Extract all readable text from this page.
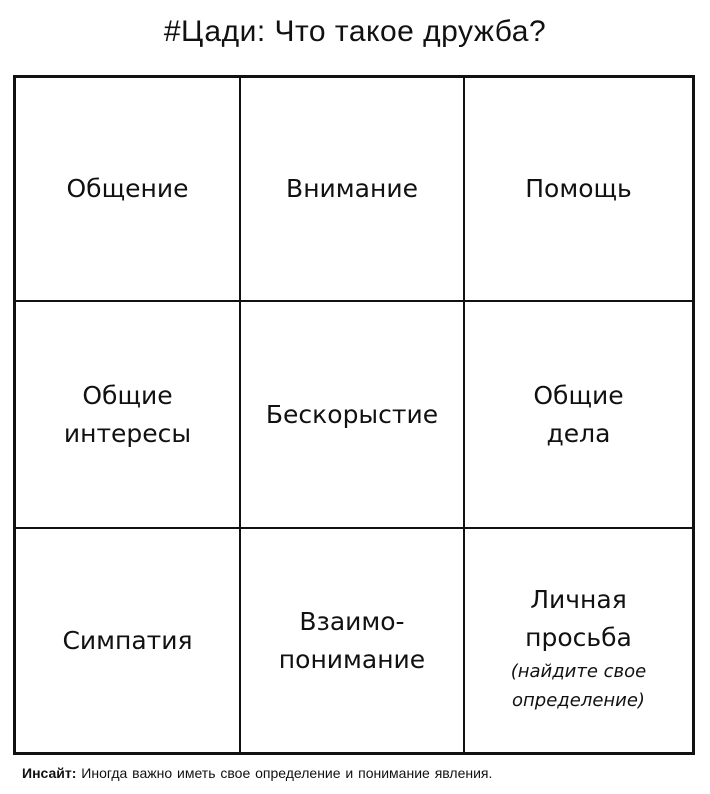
#Цади: Что такое дружба?
Общение	Внимание	Помощь
Общие
интересы
Бескорыстие
Общие
дела
Симпатия
Взаимо-
понимание
Личная
просьба
(найдите свое
определение)
Инсайт: Иногда важно иметь свое определение и понимание явления.
